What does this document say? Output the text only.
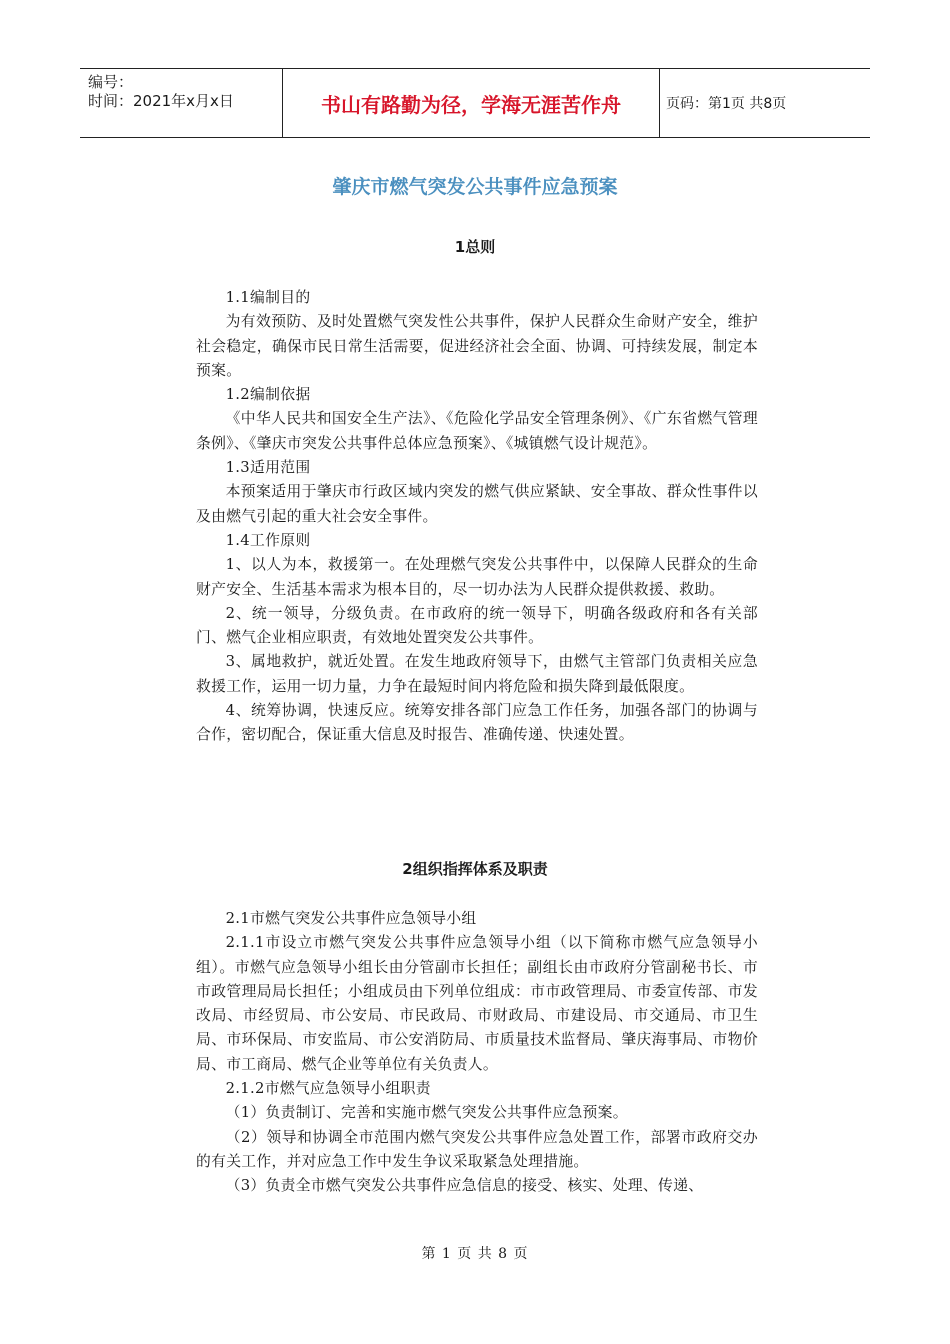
编号：
时间：2021年x月x日	书山有路勤为径，学海无涯苦作舟	页码：第1页 共8页
肇庆市燃气突发公共事件应急预案
1总则

1.1编制目的

为有效预防、及时处置燃气突发性公共事件，保护人民群众生命财产安全，维护社会稳定，确保市民日常生活需要，促进经济社会全面、协调、可持续发展，制定本预案。

1.2编制依据

《中华人民共和国安全生产法》、《危险化学品安全管理条例》、《广东省燃气管理条例》、《肇庆市突发公共事件总体应急预案》、《城镇燃气设计规范》。

1.3适用范围

本预案适用于肇庆市行政区域内突发的燃气供应紧缺、安全事故、群众性事件以及由燃气引起的重大社会安全事件。

1.4工作原则

1、以人为本，救援第一。在处理燃气突发公共事件中，以保障人民群众的生命财产安全、生活基本需求为根本目的，尽一切办法为人民群众提供救援、救助。

2、统一领导，分级负责。在市政府的统一领导下，明确各级政府和各有关部门、燃气企业相应职责，有效地处置突发公共事件。

3、属地救护，就近处置。在发生地政府领导下，由燃气主管部门负责相关应急救援工作，运用一切力量，力争在最短时间内将危险和损失降到最低限度。

4、统筹协调，快速反应。统筹安排各部门应急工作任务，加强各部门的协调与合作，密切配合，保证重大信息及时报告、准确传递、快速处置。

2组织指挥体系及职责

2.1市燃气突发公共事件应急领导小组

2.1.1市设立市燃气突发公共事件应急领导小组（以下简称市燃气应急领导小组）。市燃气应急领导小组长由分管副市长担任；副组长由市政府分管副秘书长、市市政管理局局长担任；小组成员由下列单位组成：市市政管理局、市委宣传部、市发改局、市经贸局、市公安局、市民政局、市财政局、市建设局、市交通局、市卫生局、市环保局、市安监局、市公安消防局、市质量技术监督局、肇庆海事局、市物价局、市工商局、燃气企业等单位有关负责人。

2.1.2市燃气应急领导小组职责

（1）负责制订、完善和实施市燃气突发公共事件应急预案。

（2）领导和协调全市范围内燃气突发公共事件应急处置工作，部署市政府交办的有关工作，并对应急工作中发生争议采取紧急处理措施。

（3）负责全市燃气突发公共事件应急信息的接受、核实、处理、传递、

第 1 页 共 8 页
